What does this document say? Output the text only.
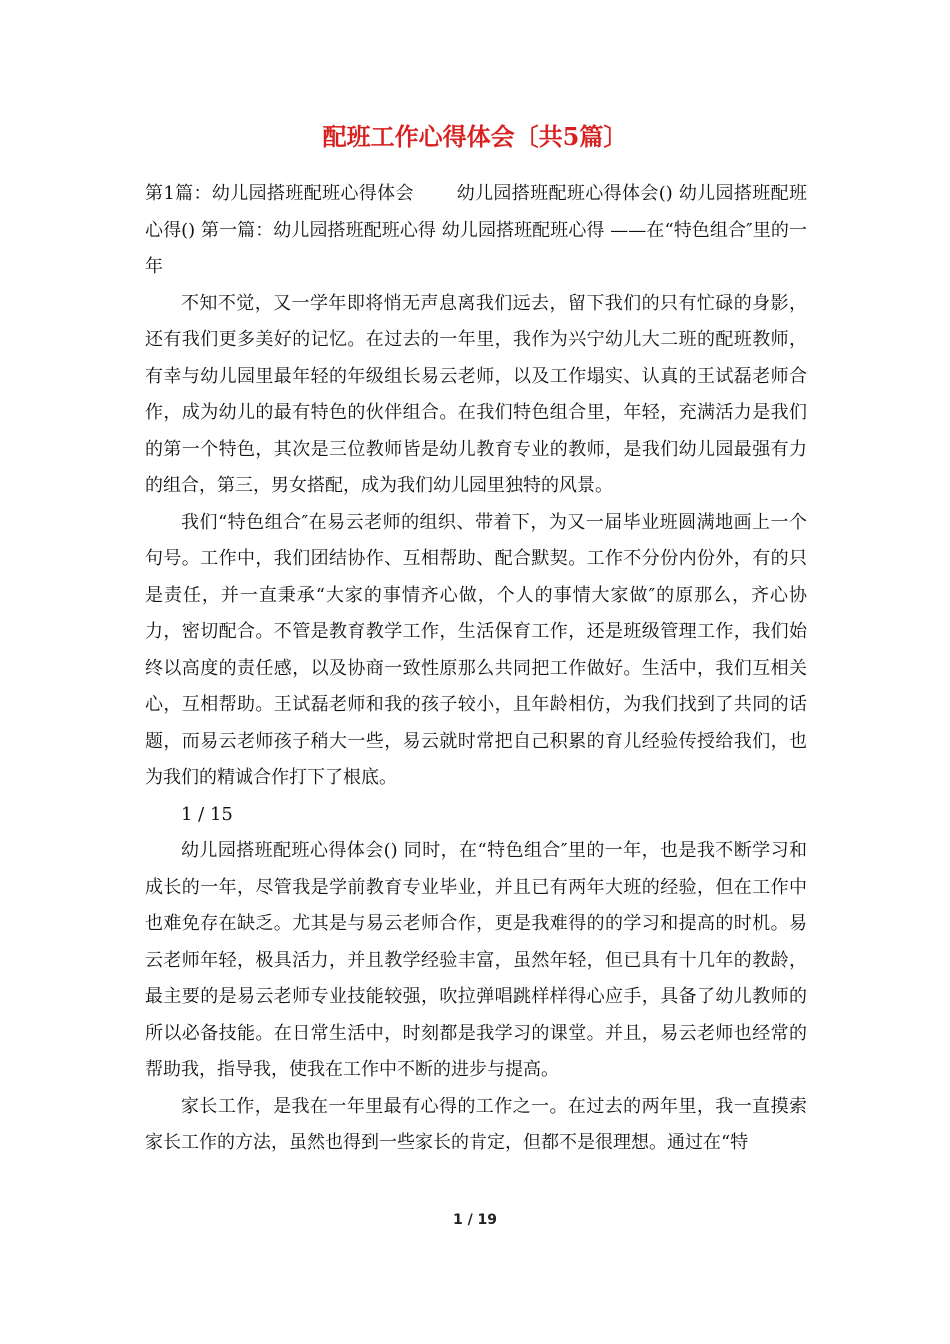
配班工作心得体会〔共5篇〕

第1篇：幼儿园搭班配班心得体会 　　幼儿园搭班配班心得体会() 幼儿园搭班配班心得() 第一篇：幼儿园搭班配班心得 幼儿园搭班配班心得 ——在“特色组合″里的一年

不知不觉，又一学年即将悄无声息离我们远去，留下我们的只有忙碌的身影，还有我们更多美好的记忆。在过去的一年里，我作为兴宁幼儿大二班的配班教师，有幸与幼儿园里最年轻的年级组长易云老师，以及工作塌实、认真的王试磊老师合作，成为幼儿的最有特色的伙伴组合。在我们特色组合里，年轻，充满活力是我们的第一个特色，其次是三位教师皆是幼儿教育专业的教师，是我们幼儿园最强有力的组合，第三，男女搭配，成为我们幼儿园里独特的风景。

我们“特色组合″在易云老师的组织、带着下，为又一届毕业班圆满地画上一个句号。工作中，我们团结协作、互相帮助、配合默契。工作不分份内份外，有的只是责任，并一直秉承“大家的事情齐心做，个人的事情大家做″的原那么，齐心协力，密切配合。不管是教育教学工作，生活保育工作，还是班级管理工作，我们始终以高度的责任感，以及协商一致性原那么共同把工作做好。生活中，我们互相关心，互相帮助。王试磊老师和我的孩子较小，且年龄相仿，为我们找到了共同的话题，而易云老师孩子稍大一些，易云就时常把自己积累的育儿经验传授给我们，也为我们的精诚合作打下了根底。

1 / 15

幼儿园搭班配班心得体会() 同时，在“特色组合″里的一年，也是我不断学习和成长的一年，尽管我是学前教育专业毕业，并且已有两年大班的经验，但在工作中也难免存在缺乏。尤其是与易云老师合作，更是我难得的的学习和提高的时机。易云老师年轻，极具活力，并且教学经验丰富，虽然年轻，但已具有十几年的教龄，最主要的是易云老师专业技能较强，吹拉弹唱跳样样得心应手，具备了幼儿教师的所以必备技能。在日常生活中，时刻都是我学习的课堂。并且，易云老师也经常的帮助我，指导我，使我在工作中不断的进步与提高。

家长工作，是我在一年里最有心得的工作之一。在过去的两年里，我一直摸索家长工作的方法，虽然也得到一些家长的肯定，但都不是很理想。通过在“特

1 / 19
